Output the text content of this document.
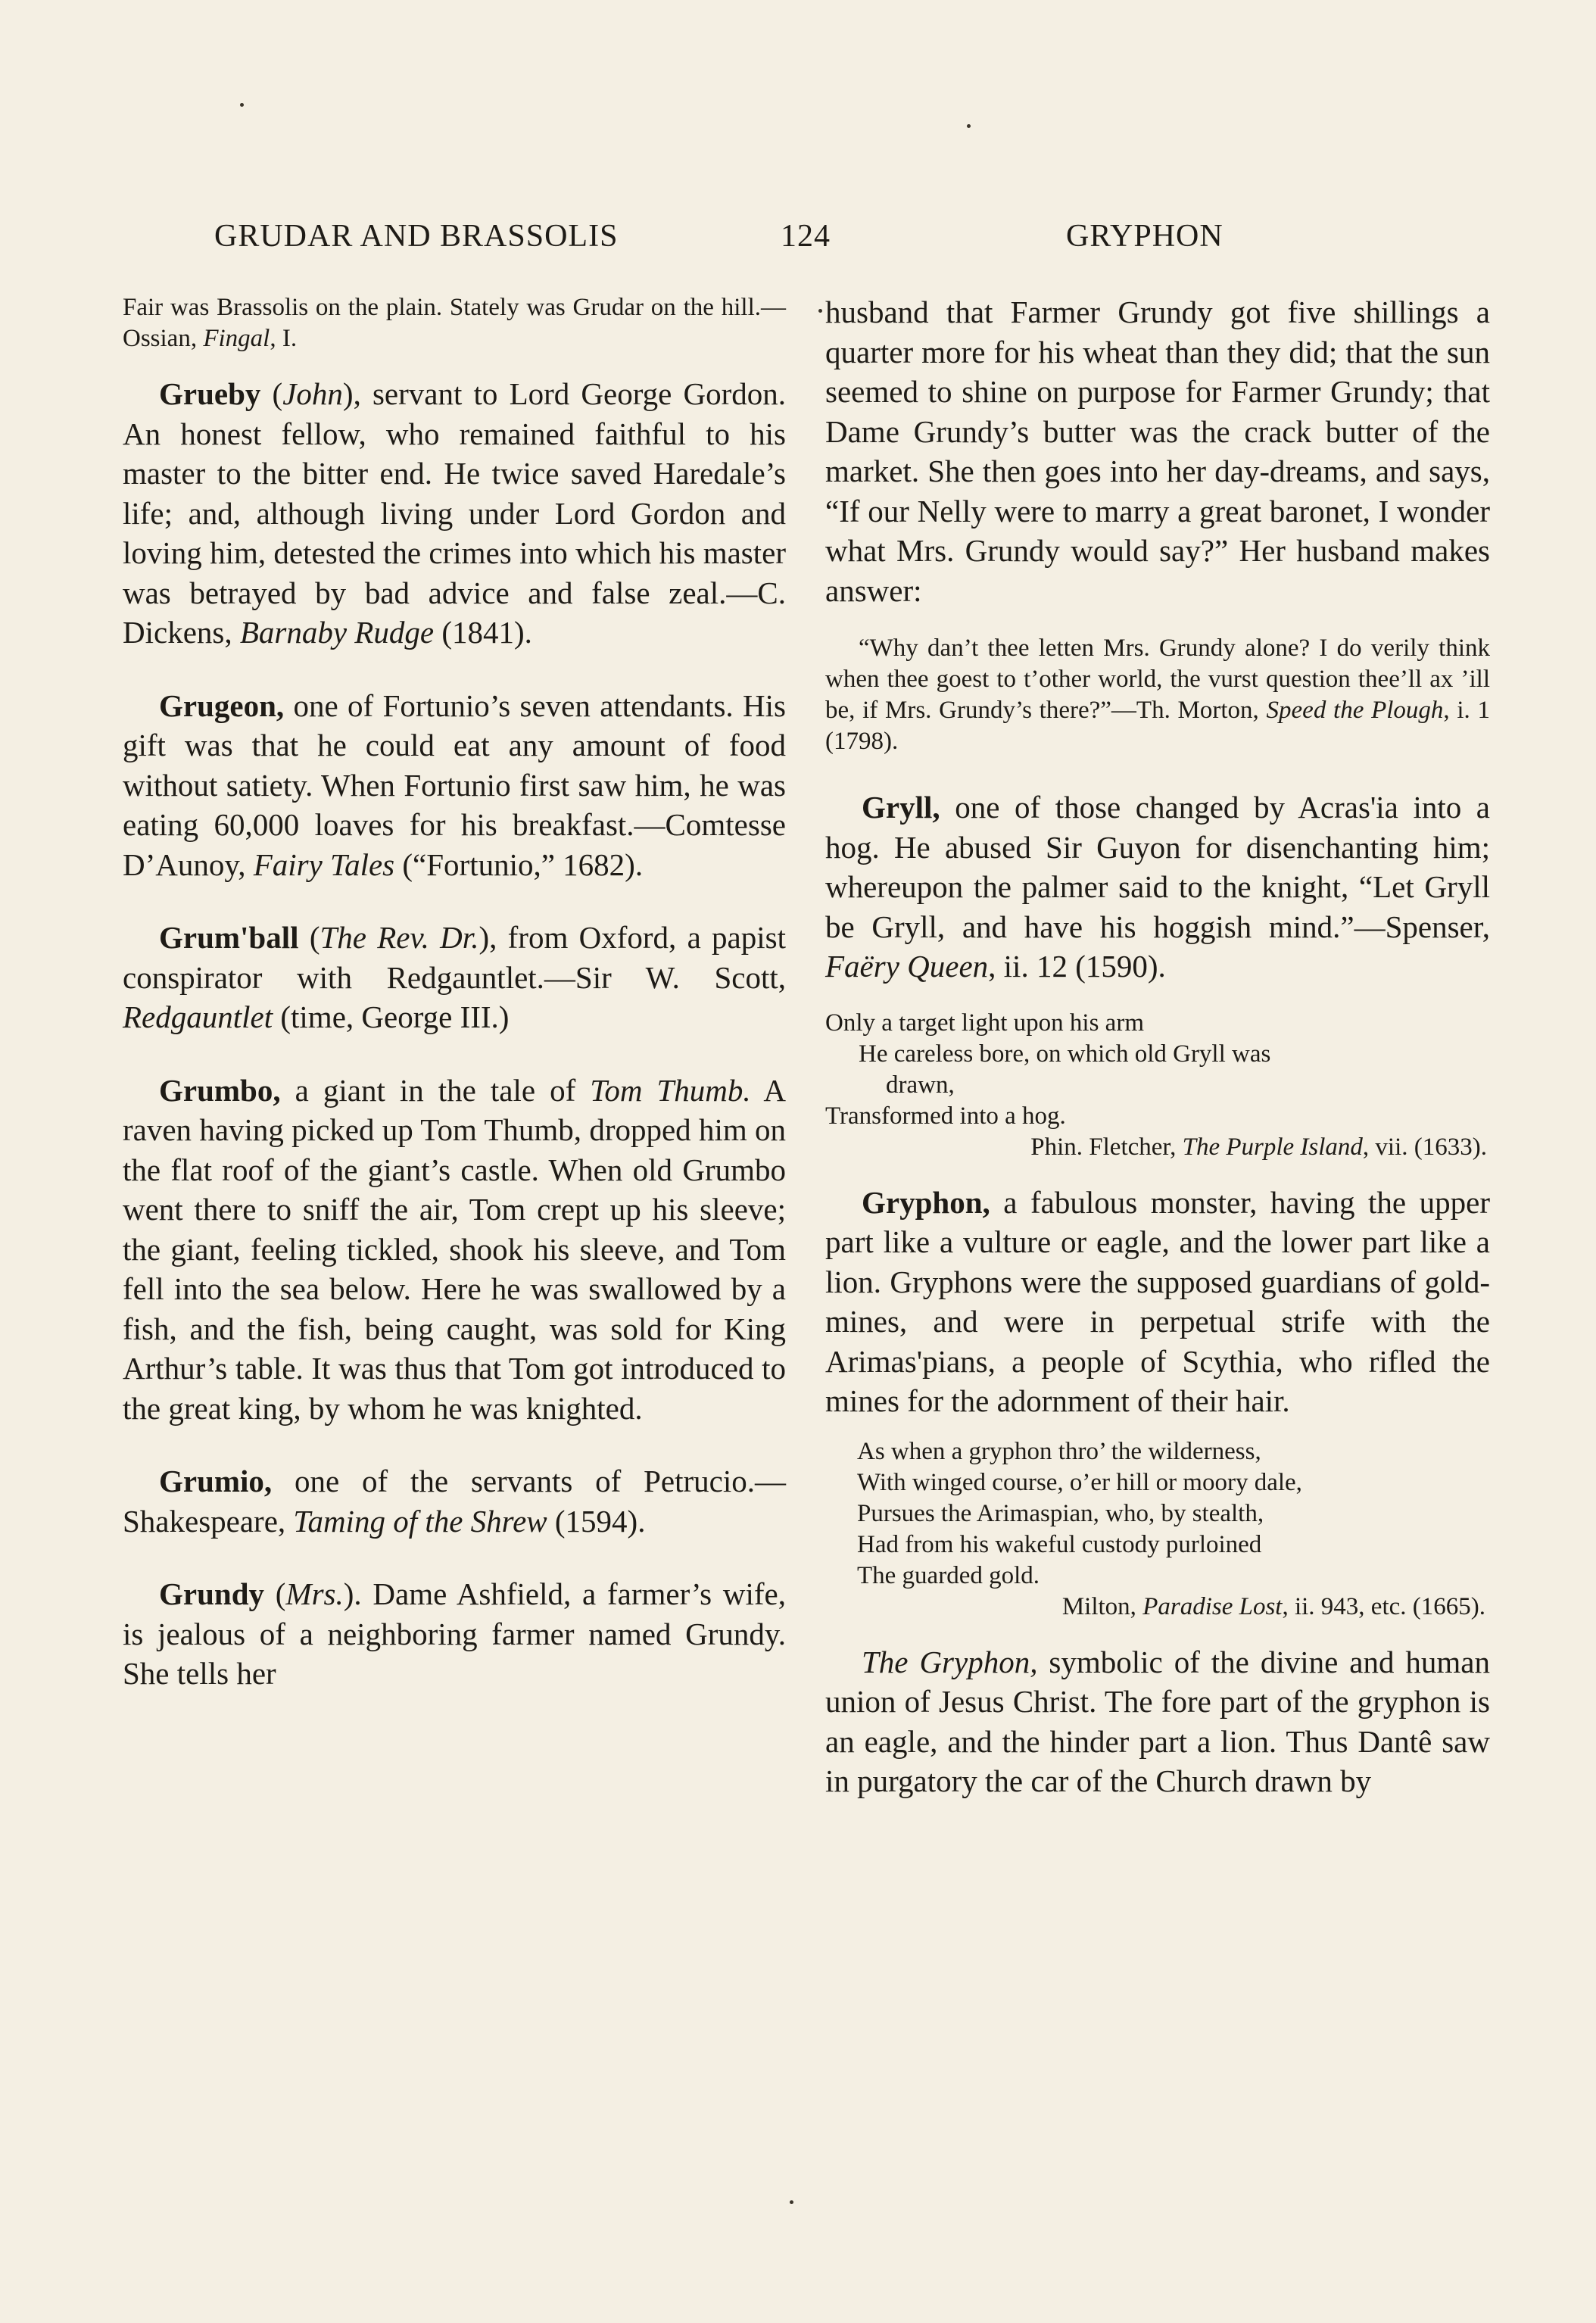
GRUDAR AND BRASSOLIS	124	GRYPHON

Fair was Brassolis on the plain. Stately was Grudar on the hill.—Ossian, Fingal, I.

Grueby (John), servant to Lord George Gordon. An honest fellow, who remained faithful to his master to the bitter end. He twice saved Haredale’s life; and, although living under Lord Gordon and loving him, detested the crimes into which his master was betrayed by bad advice and false zeal.—C. Dickens, Barnaby Rudge (1841).

Grugeon, one of Fortunio’s seven attendants. His gift was that he could eat any amount of food without satiety. When Fortunio first saw him, he was eating 60,000 loaves for his breakfast.—Comtesse D’Aunoy, Fairy Tales (“Fortunio,” 1682).

Grum'ball (The Rev. Dr.), from Oxford, a papist conspirator with Redgauntlet.—Sir W. Scott, Redgauntlet (time, George III.)

Grumbo, a giant in the tale of Tom Thumb. A raven having picked up Tom Thumb, dropped him on the flat roof of the giant’s castle. When old Grumbo went there to sniff the air, Tom crept up his sleeve; the giant, feeling tickled, shook his sleeve, and Tom fell into the sea below. Here he was swallowed by a fish, and the fish, being caught, was sold for King Arthur’s table. It was thus that Tom got introduced to the great king, by whom he was knighted.

Grumio, one of the servants of Petrucio.—Shakespeare, Taming of the Shrew (1594).

Grundy (Mrs.). Dame Ashfield, a farmer’s wife, is jealous of a neighboring farmer named Grundy. She tells her

husband that Farmer Grundy got five shillings a quarter more for his wheat than they did; that the sun seemed to shine on purpose for Farmer Grundy; that Dame Grundy’s butter was the crack butter of the market. She then goes into her day-dreams, and says, “If our Nelly were to marry a great baronet, I wonder what Mrs. Grundy would say?” Her husband makes answer:

“Why dan’t thee letten Mrs. Grundy alone? I do verily think when thee goest to t’other world, the vurst question thee’ll ax ’ill be, if Mrs. Grundy’s there?”—Th. Morton, Speed the Plough, i. 1 (1798).

Gryll, one of those changed by Acras'ia into a hog. He abused Sir Guyon for disenchanting him; whereupon the palmer said to the knight, “Let Gryll be Gryll, and have his hoggish mind.”—Spenser, Faëry Queen, ii. 12 (1590).

Only a target light upon his arm
He careless bore, on which old Gryll was
drawn,
Transformed into a hog.
Phin. Fletcher, The Purple Island, vii. (1633).

Gryphon, a fabulous monster, having the upper part like a vulture or eagle, and the lower part like a lion. Gryphons were the supposed guardians of gold-mines, and were in perpetual strife with the Arimas'pians, a people of Scythia, who rifled the mines for the adornment of their hair.

As when a gryphon thro’ the wilderness,
With winged course, o’er hill or moory dale,
Pursues the Arimaspian, who, by stealth,
Had from his wakeful custody purloined
The guarded gold.
Milton, Paradise Lost, ii. 943, etc. (1665).

The Gryphon, symbolic of the divine and human union of Jesus Christ. The fore part of the gryphon is an eagle, and the hinder part a lion. Thus Dantê saw in purgatory the car of the Church drawn by
